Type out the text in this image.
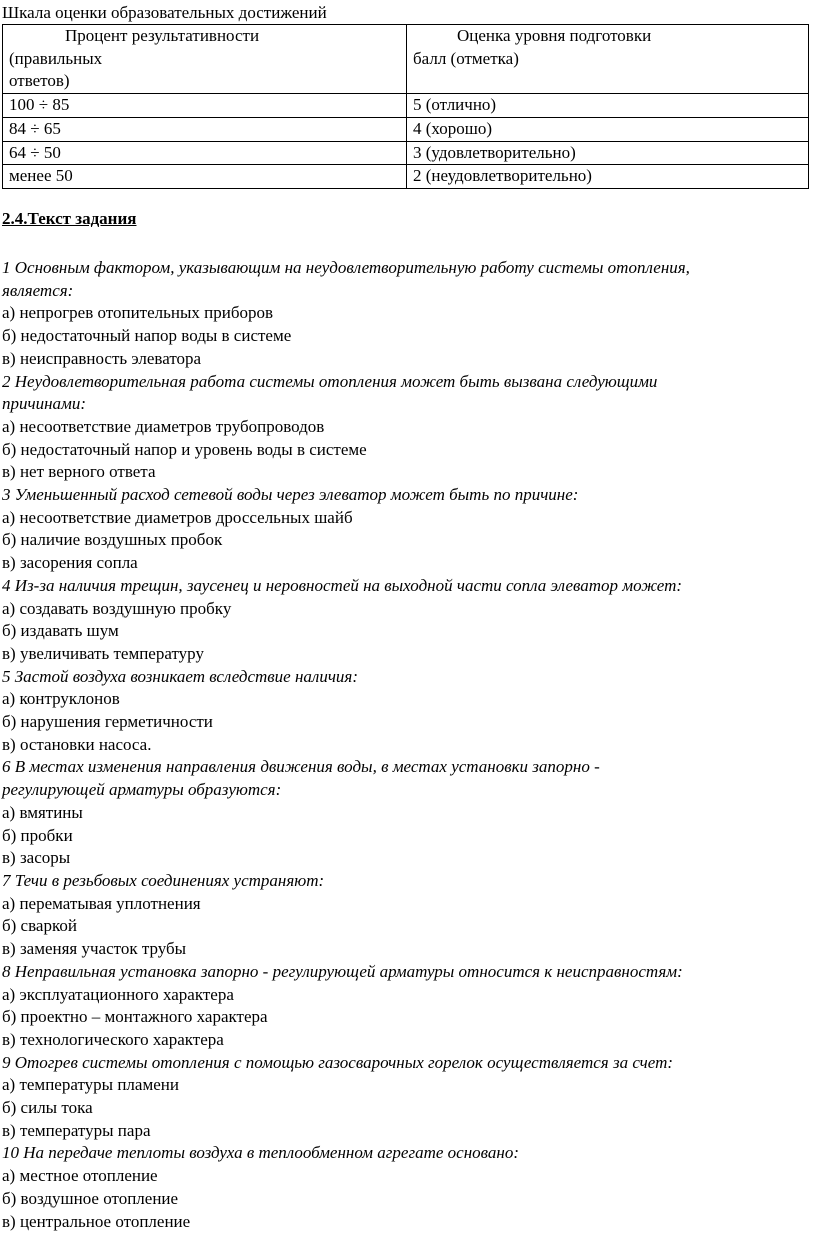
Шкала оценки образовательных достижений
Процент результативности
(правильных
ответов)	Оценка уровня подготовки
балл (отметка)

100 ÷ 85	5 (отлично)
84 ÷ 65	4 (хорошо)
64 ÷ 50	3 (удовлетворительно)
менее 50	2 (неудовлетворительно)
2.4.Текст задания
1 Основным фактором, указывающим на неудовлетворительную работу системы отопления,
является:
а) непрогрев отопительных приборов
б) недостаточный напор воды в системе
в) неисправность элеватора
2 Неудовлетворительная работа системы отопления может быть вызвана следующими
причинами:
а) несоответствие диаметров трубопроводов
б) недостаточный напор и уровень воды в системе
в) нет верного ответа
3 Уменьшенный расход сетевой воды через элеватор может быть по причине:
а) несоответствие диаметров дроссельных шайб
б) наличие воздушных пробок
в) засорения сопла
4 Из-за наличия трещин, заусенец и неровностей на выходной части сопла элеватор может:
а) создавать воздушную пробку
б) издавать шум
в) увеличивать температуру
5 Застой воздуха возникает вследствие наличия:
а) контруклонов
б) нарушения герметичности
в) остановки насоса.
6 В местах изменения направления движения воды, в местах установки запорно -
регулирующей арматуры образуются:
а) вмятины
б) пробки
в) засоры
7 Течи в резьбовых соединениях устраняют:
а) перематывая уплотнения
б) сваркой
в) заменяя участок трубы
8 Неправильная установка запорно - регулирующей арматуры относится к неисправностям:
а) эксплуатационного характера
б) проектно – монтажного характера
в) технологического характера
9 Отогрев системы отопления с помощью газосварочных горелок осуществляется за счет:
а) температуры пламени
б) силы тока
в) температуры пара
10 На передаче теплоты воздуха в теплообменном агрегате основано:
а) местное отопление
б) воздушное отопление
в) центральное отопление
